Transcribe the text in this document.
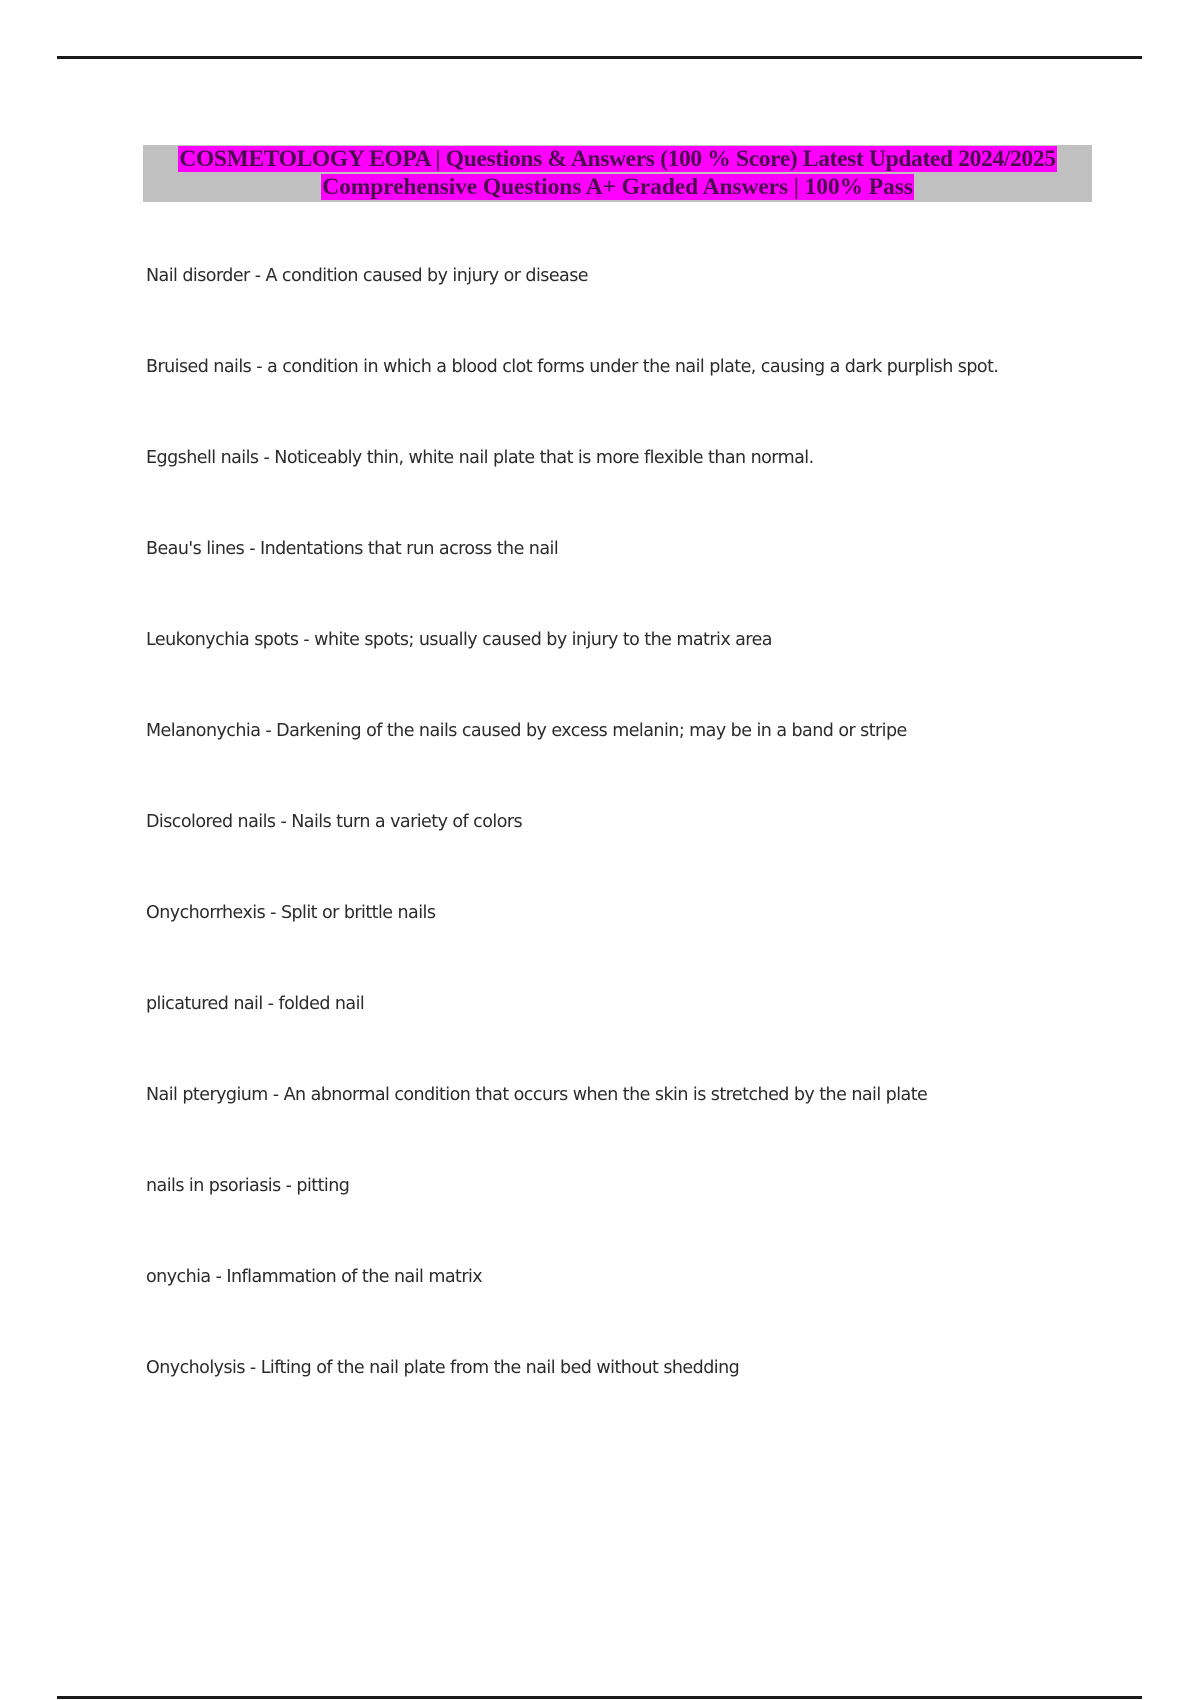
COSMETOLOGY EOPA | Questions & Answers (100 % Score) Latest Updated 2024/2025
Comprehensive Questions A+ Graded Answers | 100% Pass
Nail disorder - A condition caused by injury or disease
Bruised nails - a condition in which a blood clot forms under the nail plate, causing a dark purplish spot.
Eggshell nails - Noticeably thin, white nail plate that is more flexible than normal.
Beau's lines - Indentations that run across the nail
Leukonychia spots - white spots; usually caused by injury to the matrix area
Melanonychia - Darkening of the nails caused by excess melanin; may be in a band or stripe
Discolored nails - Nails turn a variety of colors
Onychorrhexis - Split or brittle nails
plicatured nail - folded nail
Nail pterygium - An abnormal condition that occurs when the skin is stretched by the nail plate
nails in psoriasis - pitting
onychia - Inflammation of the nail matrix
Onycholysis - Lifting of the nail plate from the nail bed without shedding
